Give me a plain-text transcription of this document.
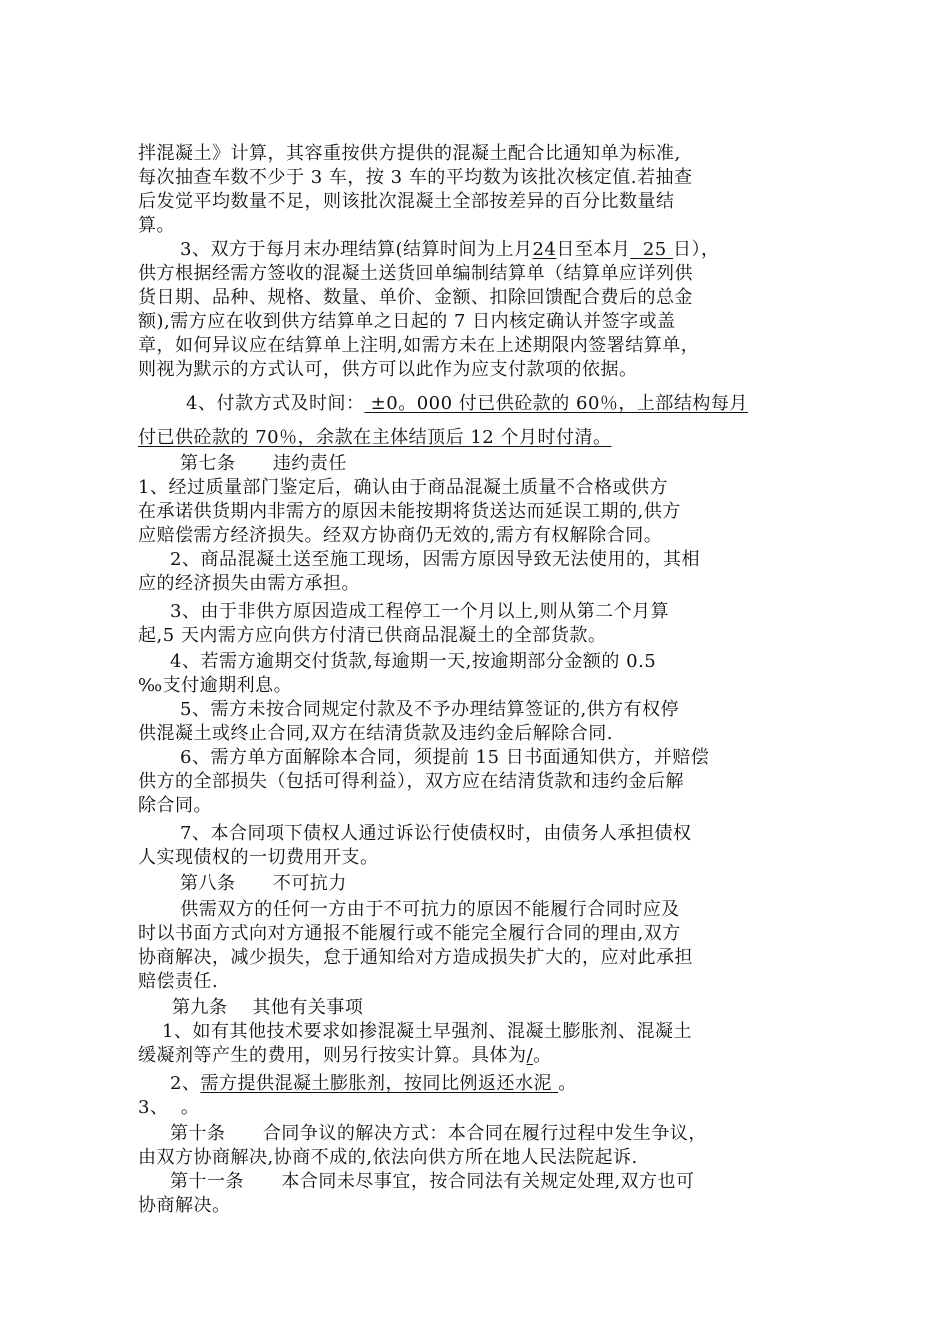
拌混凝土》计算，其容重按供方提供的混凝土配合比通知单为标准,
每次抽查车数不少于 3 车，按 3 车的平均数为该批次核定值.若抽查
后发觉平均数量不足，则该批次混凝土全部按差异的百分比数量结
算。
3、双方于每月末办理结算(结算时间为上月24日至本月  25 日），
供方根据经需方签收的混凝土送货回单编制结算单（结算单应详列供
货日期、品种、规格、数量、单价、金额、扣除回馈配合费后的总金
额),需方应在收到供方结算单之日起的 7 日内核定确认并签字或盖
章，如何异议应在结算单上注明,如需方未在上述期限内签署结算单，
则视为默示的方式认可，供方可以此作为应支付款项的依据。
4、付款方式及时间： ±0。000 付已供砼款的 60％，上部结构每月
付已供砼款的 70％，余款在主体结顶后 12 个月时付清。
第七条      违约责任
1、经过质量部门鉴定后，确认由于商品混凝土质量不合格或供方
在承诺供货期内非需方的原因未能按期将货送达而延误工期的,供方
应赔偿需方经济损失。经双方协商仍无效的,需方有权解除合同。
2、商品混凝土送至施工现场，因需方原因导致无法使用的，其相
应的经济损失由需方承担。
3、由于非供方原因造成工程停工一个月以上,则从第二个月算
起,5 天内需方应向供方付清已供商品混凝土的全部货款。
4、若需方逾期交付货款,每逾期一天,按逾期部分金额的 0.5
‰支付逾期利息。
5、需方未按合同规定付款及不予办理结算签证的,供方有权停
供混凝土或终止合同,双方在结清货款及违约金后解除合同.
6、需方单方面解除本合同，须提前 15 日书面通知供方，并赔偿
供方的全部损失（包括可得利益），双方应在结清货款和违约金后解
除合同。
7、本合同项下债权人通过诉讼行使债权时，由债务人承担债权
人实现债权的一切费用开支。
第八条      不可抗力
供需双方的任何一方由于不可抗力的原因不能履行合同时应及
时以书面方式向对方通报不能履行或不能完全履行合同的理由,双方
协商解决，减少损失，怠于通知给对方造成损失扩大的，应对此承担
赔偿责任.
第九条    其他有关事项
1、如有其他技术要求如掺混凝土早强剂、混凝土膨胀剂、混凝土
缓凝剂等产生的费用，则另行按实计算。具体为/。
2、需方提供混凝土膨胀剂，按同比例返还水泥 。
3、  。
第十条      合同争议的解决方式：本合同在履行过程中发生争议，
由双方协商解决,协商不成的,依法向供方所在地人民法院起诉.
第十一条      本合同未尽事宜，按合同法有关规定处理,双方也可
协商解决。
